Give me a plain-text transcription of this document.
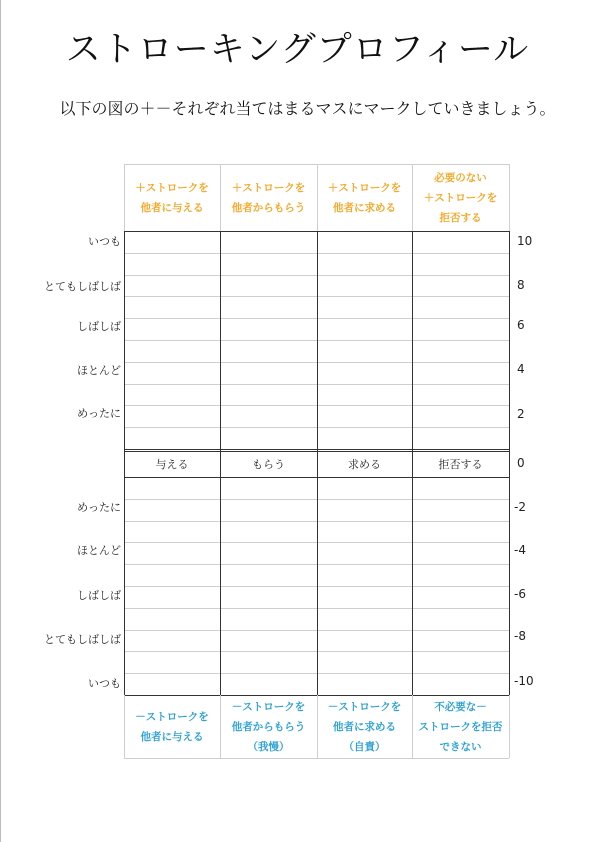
ストローキングプロフィール
以下の図の＋－それぞれ当てはまるマスにマークしていきましょう。
＋ストロークを
他者に与える
＋ストロークを
他者からもらう
＋ストロークを
他者に求める
必要のない
＋ストロークを
拒否する
－ストロークを
他者に与える
－ストロークを
他者からもらう
（我慢）
－ストロークを
他者に求める
（自責）
不必要な－
ストロークを拒否
できない
与える	もらう	求める	拒否する
いつも
とてもしばしば
しばしば
ほとんど
めったに
めったに
ほとんど
しばしば
とてもしばしば
いつも
10
8
6
4
2
0
-2
-4
-6
-8
-10
